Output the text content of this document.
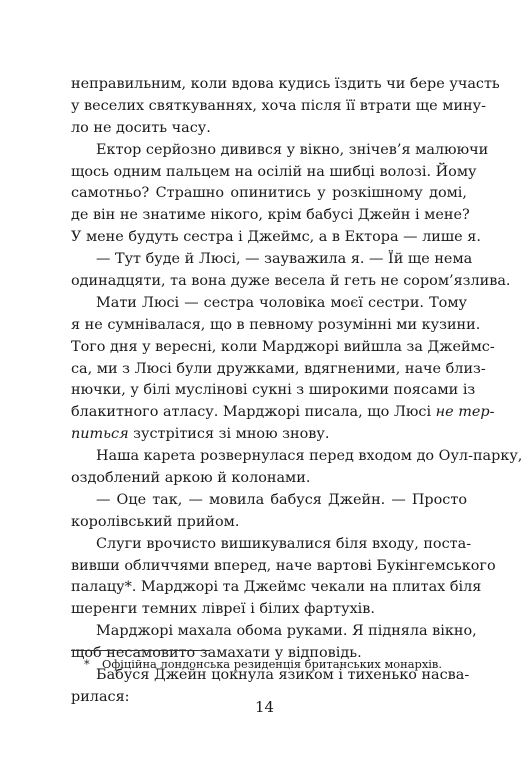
неправильним, коли вдова кудись їздить чи бере участь
у веселих святкуваннях, хоча після її втрати ще мину-
ло не досить часу.
Ектор серйозно дивився у вікно, знічев’я малюючи
щось одним пальцем на осілій на шибці волозі. Йому
самотньо? Страшно опинитись у розкішному домі,
де він не знатиме нікого, крім бабусі Джейн і мене?
У мене будуть сестра і Джеймс, а в Ектора — лише я.
— Тут буде й Люсі, — зауважила я. — Їй ще нема
одинадцяти, та вона дуже весела й геть не сором’язлива.
Мати Люсі — сестра чоловіка моєї сестри. Тому
я не сумнівалася, що в певному розумінні ми кузини.
Того дня у вересні, коли Марджорі вийшла за Джеймс-
са, ми з Люсі були дружками, вдягненими, наче близ-
нючки, у білі муслінові сукні з широкими поясами із
блакитного атласу. Марджорі писала, що Люсі не тер-
питься зустрітися зі мною знову.
Наша карета розвернулася перед входом до Оул-парку,
оздоблений аркою й колонами.
— Оце так, — мовила бабуся Джейн. — Просто
королівський прийом.
Слуги врочисто вишикувалися біля входу, поста-
вивши обличчями вперед, наче вартові Букінгемського
палацу*. Марджорі та Джеймс чекали на плитах біля
шеренги темних лівреї і білих фартухів.
Марджорі махала обома руками. Я підняла вікно,
щоб несамовито замахати у відповідь.
Бабуся Джейн цокнула язиком і тихенько насва-
рилася:
* Офіційна лондонська резиденція британських монархів.
14
